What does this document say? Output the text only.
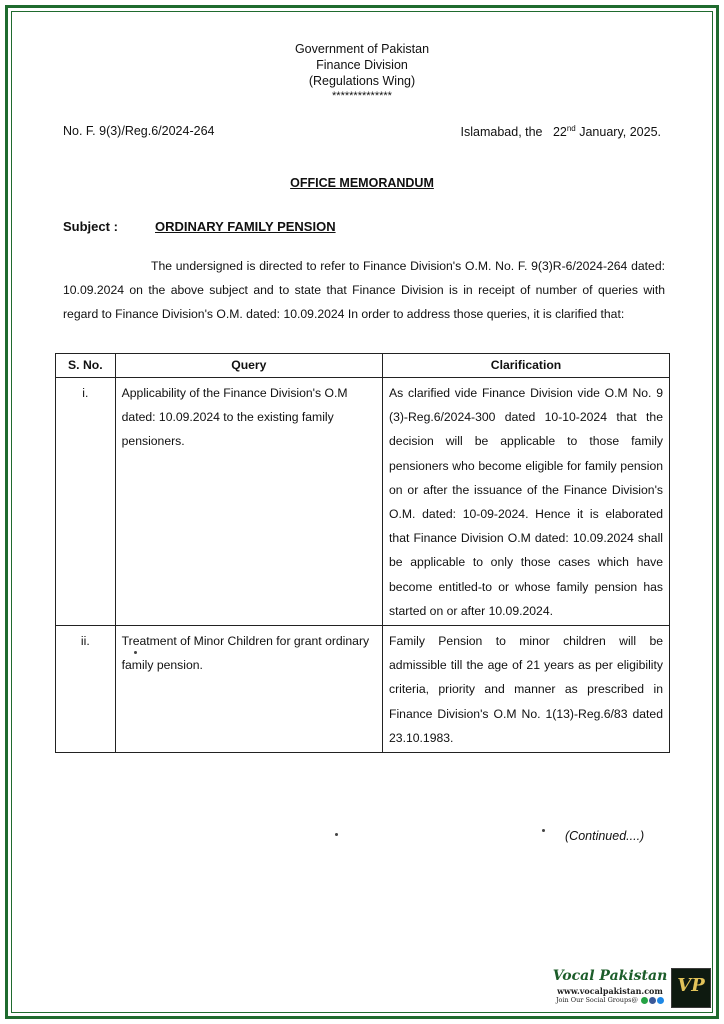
Government of Pakistan
Finance Division
(Regulations Wing)
**************
No. F. 9(3)/Reg.6/2024-264	Islamabad, the 22nd January, 2025.
OFFICE MEMORANDUM
Subject :	ORDINARY FAMILY PENSION
The undersigned is directed to refer to Finance Division's O.M. No. F. 9(3)R-6/2024-264 dated: 10.09.2024 on the above subject and to state that Finance Division is in receipt of number of queries with regard to Finance Division's O.M. dated: 10.09.2024 In order to address those queries, it is clarified that:
S. No.	Query	Clarification
i.	Applicability of the Finance Division's O.M dated: 10.09.2024 to the existing family pensioners.	As clarified vide Finance Division vide O.M No. 9 (3)-Reg.6/2024-300 dated 10-10-2024 that the decision will be applicable to those family pensioners who become eligible for family pension on or after the issuance of the Finance Division's O.M. dated: 10-09-2024. Hence it is elaborated that Finance Division O.M dated: 10.09.2024 shall be applicable to only those cases which have become entitled-to or whose family pension has started on or after 10.09.2024.
ii.	Treatment of Minor Children for grant ordinary family pension.	Family Pension to minor children will be admissible till the age of 21 years as per eligibility criteria, priority and manner as prescribed in Finance Division's O.M No. 1(13)-Reg.6/83 dated 23.10.1983.
(Continued....)
Vocal Pakistan
www.vocalpakistan.com
Join Our Social Groups@
VP
